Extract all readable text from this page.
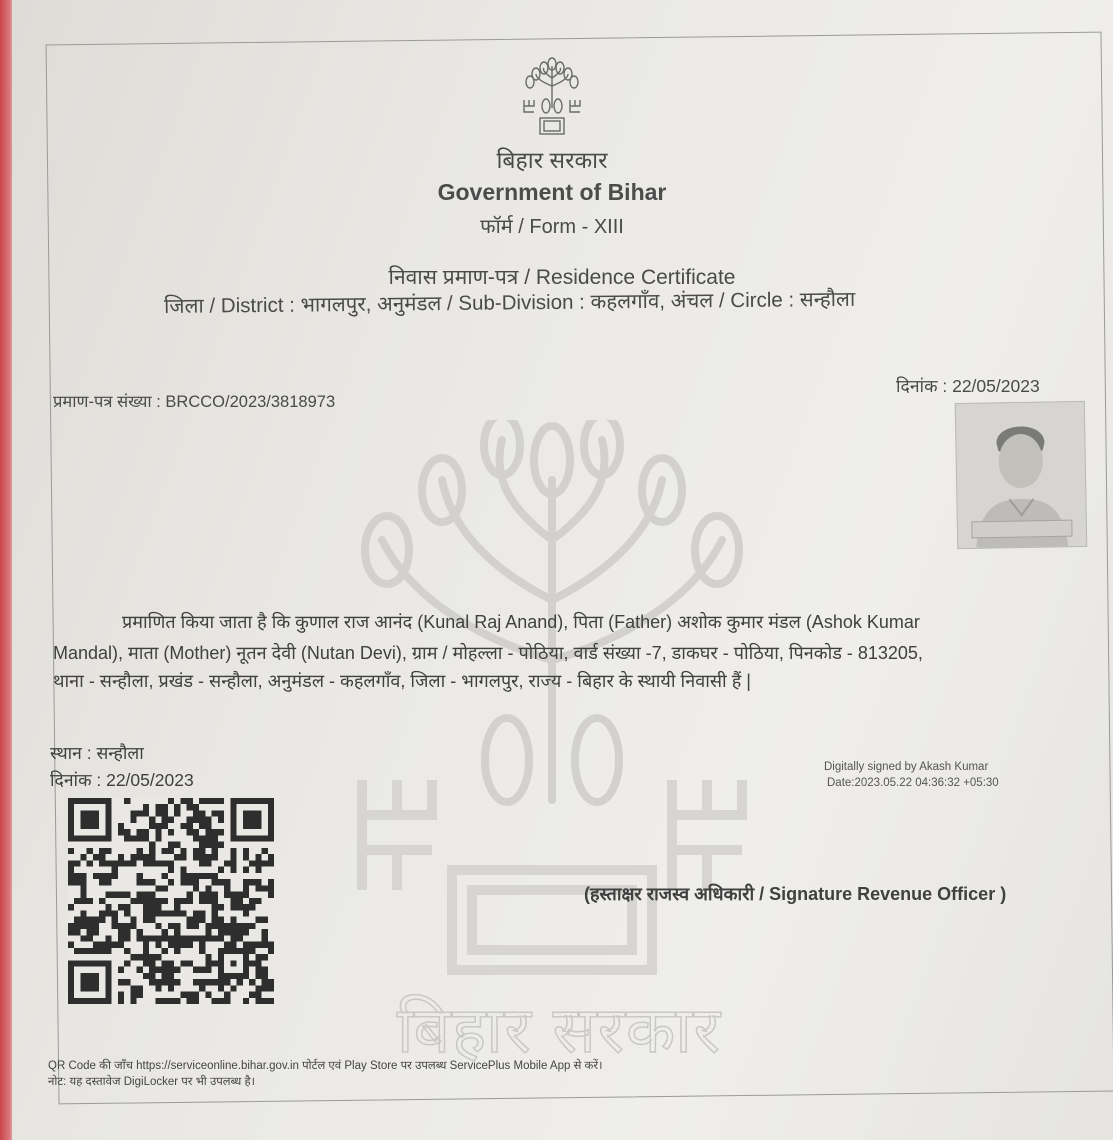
बिहार सरकार
Government of Bihar
फॉर्म / Form - XIII
निवास प्रमाण-पत्र / Residence Certificate
जिला / District : भागलपुर, अनुमंडल / Sub-Division : कहलगाँव, अंचल / Circle : सन्हौला
प्रमाण-पत्र संख्या : BRCCO/2023/3818973
दिनांक : 22/05/2023
प्रमाणित किया जाता है कि कुणाल राज आनंद (Kunal Raj Anand), पिता (Father) अशोक कुमार मंडल (Ashok Kumar
Mandal), माता (Mother) नूतन देवी (Nutan Devi), ग्राम / मोहल्ला - पोठिया, वार्ड संख्या -7, डाकघर - पोठिया, पिनकोड - 813205,
थाना - सन्हौला, प्रखंड - सन्हौला, अनुमंडल - कहलगाँव, जिला - भागलपुर, राज्य - बिहार के स्थायी निवासी हैं |
स्थान : सन्हौला
दिनांक : 22/05/2023
Digitally signed by Akash Kumar
Date:2023.05.22 04:36:32 +05:30
(हस्ताक्षर राजस्व अधिकारी / Signature Revenue Officer )
QR Code की जाँच https://serviceonline.bihar.gov.in पोर्टल एवं Play Store पर उपलब्ध ServicePlus Mobile App से करें।
नोट: यह दस्तावेज DigiLocker पर भी उपलब्ध है।
बिहार सरकार
